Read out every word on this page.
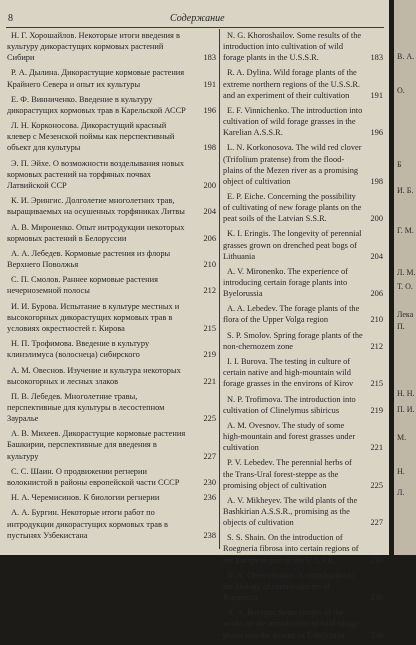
8	Содержание
Н. Г. Хорошайлов. Некоторые итоги введения в культуру дикорастущих кормовых растений Сибири	183
Р. А. Дылина. Дикорастущие кормовые растения Крайнего Севера и опыт их культуры	191
Е. Ф. Винниченко. Введение в культуру дикорастущих кормовых трав в Карельской АССР	196
Л. Н. Корконосова. Дикорастущий красный клевер с Мезенской поймы как перспективный объект для культуры	198
Э. П. Эйхе. О возможности возделывания новых кормовых растений на торфяных почвах Латвийской ССР	200
К. И. Эрингис. Долголетие многолетних трав, выращиваемых на осушенных торфяниках Литвы	204
А. В. Мироненко. Опыт интродукции некоторых кормовых растений в Белоруссии	206
А. А. Лебедев. Кормовые растения из флоры Верхнего Поволжья	210
С. П. Смолов. Раннее кормовые растения нечерноземной полосы	212
И. И. Бурова. Испытание в культуре местных и высокогорных дикорастущих кормовых трав в условиях окрестностей г. Кирова	215
Н. П. Трофимова. Введение в культуру клинэлимуса (волоснеца) сибирского	219
А. М. Овеснов. Изучение и культура некоторых высокогорных и лесных злаков	221
П. В. Лебедев. Многолетние травы, перспективные для культуры в лесостепном Зауралье	225
А. В. Михеев. Дикорастущие кормовые растения Башкирии, перспективные для введения в культуру	227
С. С. Шаин. О продвижении регнерии волокнистой в районы европейской части СССР	230
Н. А. Черемисинов. К биологии регнерии	236
А. А. Бургин. Некоторые итоги работ по интродукции дикорастущих кормовых трав в пустынях Узбекистана	238
N. G. Khoroshailov. Some results of the introduction into cultivation of wild forage plants in the U.S.S.R.	183
R. A. Dylina. Wild forage plants of the extreme northern regions of the U.S.S.R. and an experiment of their cultivation	191
E. F. Vinnichenko. The introduction into cultivation of wild forage grasses in the Karelian A.S.S.R.	196
L. N. Korkonosova. The wild red clover (Trifolium pratense) from the flood-plains of the Mezen river as a promising object of cultivation	198
E. P. Eiche. Concerning the possibility of cultivating of new forage plants on the peat soils of the Latvian S.S.R.	200
K. I. Eringis. The longevity of perennial grasses grown on drenched peat bogs of Lithuania	204
A. V. Mironenko. The experience of introducing certain forage plants into Byelorussia	206
A. A. Lebedev. The forage plants of the flora of the Upper Volga region	210
S. P. Smolov. Spring forage plants of the non-chernozem zone	212
I. I. Burova. The testing in culture of certain native and high-mountain wild forage grasses in the environs of Kirov	215
N. P. Trofimova. The introduction into cultivation of Clinelymus sibiricus	219
A. M. Ovesnov. The study of some high-mountain and forest grasses under cultivation	221
P. V. Lebedev. The perennial herbs of the Trans-Ural forest-steppe as the promising object of cultivation	225
A. V. Mikheyev. The wild plants of the Bashkirian A.S.S.R., promising as the objects of cultivation	227
S. S. Shain. On the introduction of Roegneria fibrosa into certain regions of the European part of the U.S.S.R.	230
N. A. Cheremisinov. A contribution to the biology of certain species of Roegneria	236
A. A. Burygin. Some results of the works on the introduction of wild forage plants into the deserts of Uzbekistan	238
В. А.
О.
Б
И. Б.
Г. М.
Л. М.
Т. О.
Лека
П.
Н. Н.
П. И.
М.
Н.
Л.
